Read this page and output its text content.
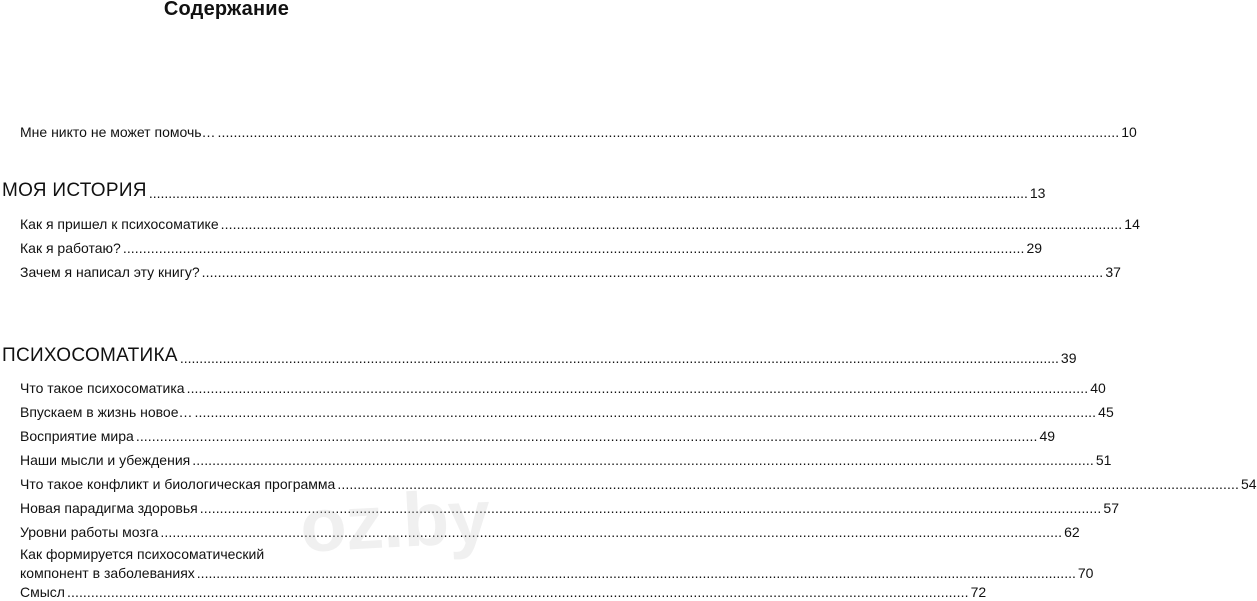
Содержание
Мне никто не может помочь… .....	10
МОЯ ИСТОРИЯ .....	13
Как я пришел к психосоматике .....	14
Как я работаю? .....	29
Зачем я написал эту книгу? .....	37
ПСИХОСОМАТИКА .....	39
Что такое психосоматика .....	40
Впускаем в жизнь новое… .....	45
Восприятие мира .....	49
Наши мысли и убеждения .....	51
Что такое конфликт и биологическая программа .....	54
Новая парадигма здоровья .....	57
Уровни работы мозга .....	62
Как формируется психосоматический
компонент в заболеваниях .....	70
Смысл .....	72
oz.by
